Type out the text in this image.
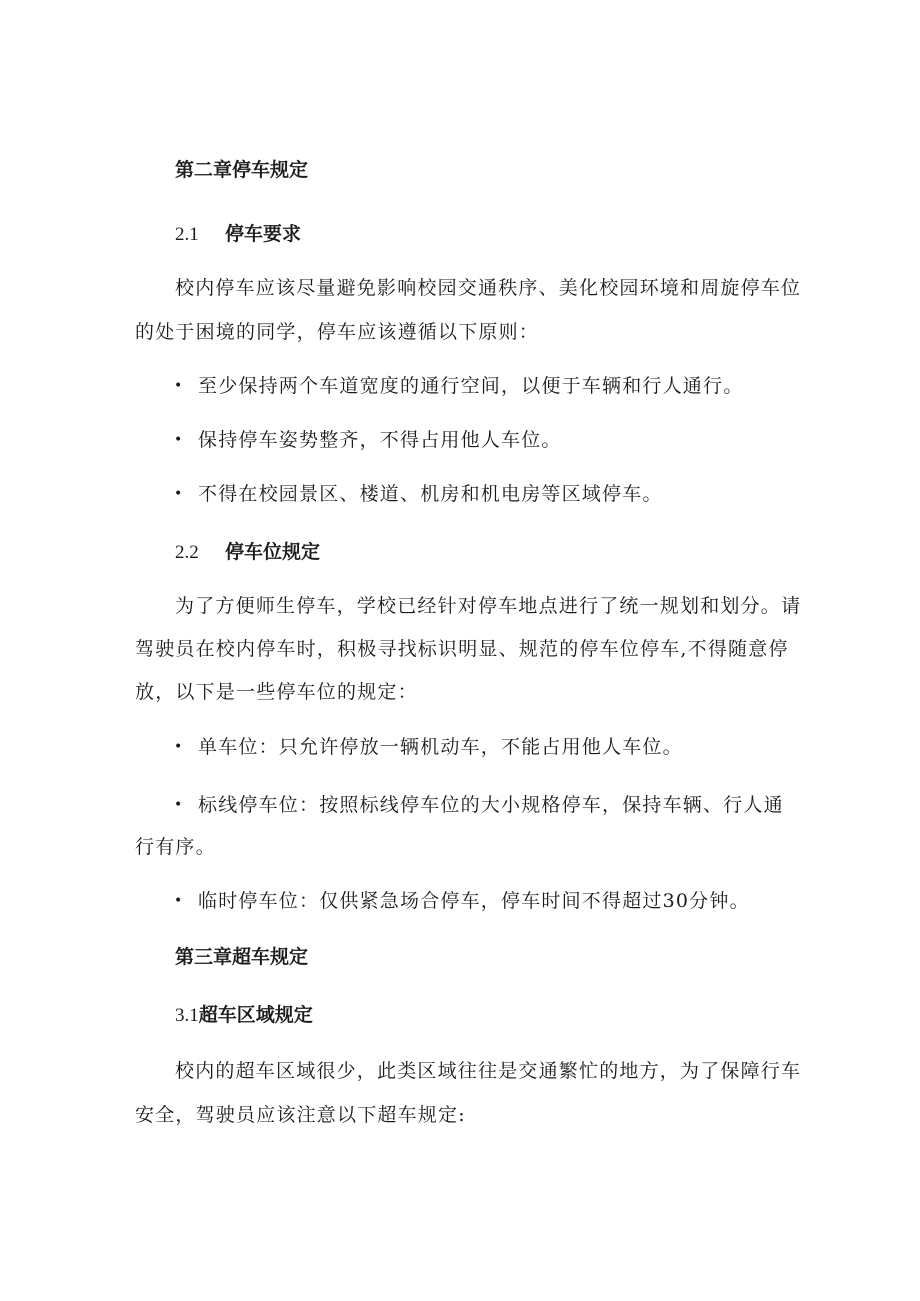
第二章停车规定
2.1 停车要求
校内停车应该尽量避免影响校园交通秩序、美化校园环境和周旋停车位
的处于困境的同学，停车应该遵循以下原则：
• 至少保持两个车道宽度的通行空间，以便于车辆和行人通行。
• 保持停车姿势整齐，不得占用他人车位。
• 不得在校园景区、楼道、机房和机电房等区域停车。
2.2 停车位规定
为了方便师生停车，学校已经针对停车地点进行了统一规划和划分。请
驾驶员在校内停车时，积极寻找标识明显、规范的停车位停车,不得随意停
放，以下是一些停车位的规定：
• 单车位：只允许停放一辆机动车，不能占用他人车位。
• 标线停车位：按照标线停车位的大小规格停车，保持车辆、行人通
行有序。
• 临时停车位：仅供紧急场合停车，停车时间不得超过30分钟。
第三章超车规定
3.1超车区域规定
校内的超车区域很少，此类区域往往是交通繁忙的地方，为了保障行车
安全，驾驶员应该注意以下超车规定:
